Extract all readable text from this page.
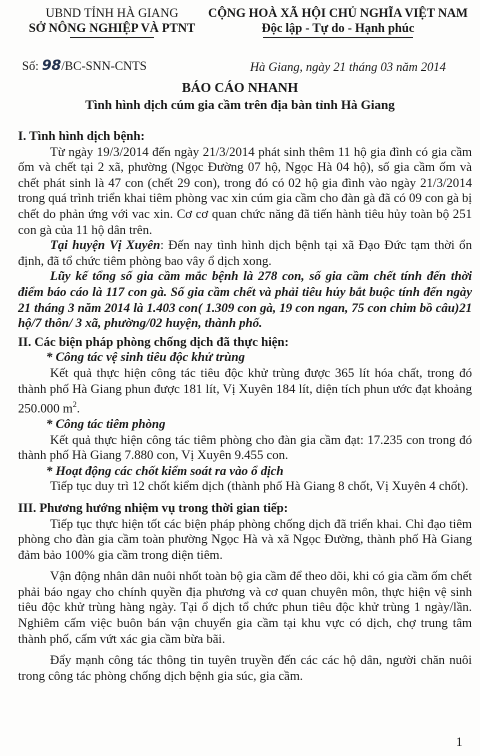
UBND TỈNH HÀ GIANG
SỞ NÔNG NGHIỆP VÀ PTNT
CỘNG HOÀ XÃ HỘI CHỦ NGHĨA VIỆT NAM
Độc lập - Tự do - Hạnh phúc
Số: 98/BC-SNN-CNTS	Hà Giang, ngày 21 tháng 03 năm 2014
BÁO CÁO NHANH
Tình hình dịch cúm gia cầm trên địa bàn tỉnh Hà Giang

I. Tình hình dịch bệnh:

Từ ngày 19/3/2014 đến ngày 21/3/2014 phát sinh thêm 11 hộ gia đình có gia cầm ốm và chết tại 2 xã, phường (Ngọc Đường 07 hộ, Ngọc Hà 04 hộ), số gia cầm ốm và chết phát sinh là 47 con (chết 29 con), trong đó có 02 hộ gia đình vào ngày 21/3/2014 trong quá trình triển khai tiêm phòng vac xin cúm gia cầm cho đàn gà đã có 09 con gà bị chết do phản ứng với vac xin. Cơ cơ quan chức năng đã tiến hành tiêu hủy toàn bộ 251 con gà của 11 hộ dân trên.

Tại huyện Vị Xuyên: Đến nay tình hình dịch bệnh tại xã Đạo Đức tạm thời ổn định, đã tổ chức tiêm phòng bao vây ổ dịch xong.

Lũy kế tổng số gia cầm mắc bệnh là 278 con, số gia cầm chết tính đến thời điểm báo cáo là 117 con gà. Số gia cầm chết và phải tiêu hủy bắt buộc tính đến ngày 21 tháng 3 năm 2014 là 1.403 con( 1.309 con gà, 19 con ngan, 75 con chim bồ câu)21 hộ/7 thôn/ 3 xã, phường/02 huyện, thành phố.

II. Các biện pháp phòng chống dịch đã thực hiện:

* Công tác vệ sinh tiêu độc khử trùng

Kết quả thực hiện công tác tiêu độc khử trùng được 365 lít hóa chất, trong đó thành phố Hà Giang phun được 181 lít, Vị Xuyên 184 lít, diện tích phun ước đạt khoảng 250.000 $m^2$.

* Công tác tiêm phòng

Kết quả thực hiện công tác tiêm phòng cho đàn gia cầm đạt: 17.235 con trong đó thành phố Hà Giang 7.880 con, Vị Xuyên 9.455 con.

* Hoạt động các chốt kiểm soát ra vào ổ dịch

Tiếp tục duy trì 12 chốt kiểm dịch (thành phố Hà Giang 8 chốt, Vị Xuyên 4 chốt).

III. Phương hướng nhiệm vụ trong thời gian tiếp:

Tiếp tục thực hiện tốt các biện pháp phòng chống dịch đã triển khai. Chỉ đạo tiêm phòng cho đàn gia cầm toàn phường Ngọc Hà và xã Ngọc Đường, thành phố Hà Giang đảm bảo 100% gia cầm trong diện tiêm.

Vận động nhân dân nuôi nhốt toàn bộ gia cầm để theo dõi, khi có gia cầm ốm chết phải báo ngay cho chính quyền địa phương và cơ quan chuyên môn, thực hiện vệ sinh tiêu độc khử trùng hàng ngày. Tại ổ dịch tổ chức phun tiêu độc khử trùng 1 ngày/lần. Nghiêm cấm việc buôn bán vận chuyển gia cầm tại khu vực có dịch, chợ trung tâm thành phố, cấm vứt xác gia cầm bừa bãi.

Đẩy mạnh công tác thông tin tuyên truyền đến các các hộ dân, người chăn nuôi trong công tác phòng chống dịch bệnh gia súc, gia cầm.

1
